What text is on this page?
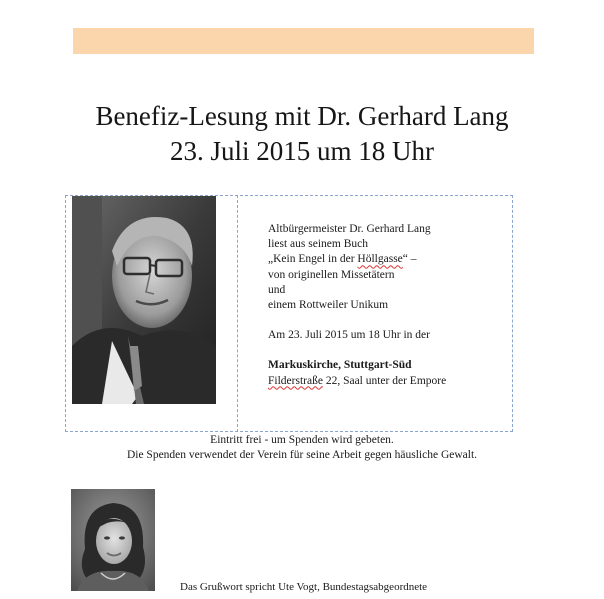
Benefiz-Lesung mit Dr. Gerhard Lang
23. Juli 2015 um 18 Uhr
Altbürgermeister Dr. Gerhard Lang
liest aus seinem Buch
„Kein Engel in der Höllgasse“ –
von originellen Missetätern
und
einem Rottweiler Unikum
Am 23. Juli 2015 um 18 Uhr in der
Markuskirche, Stuttgart-Süd
Filderstraße 22, Saal unter der Empore
Eintritt frei - um Spenden wird gebeten.
Die Spenden verwendet der Verein für seine Arbeit gegen häusliche Gewalt.
Das Grußwort spricht Ute Vogt, Bundestagsabgeordnete
